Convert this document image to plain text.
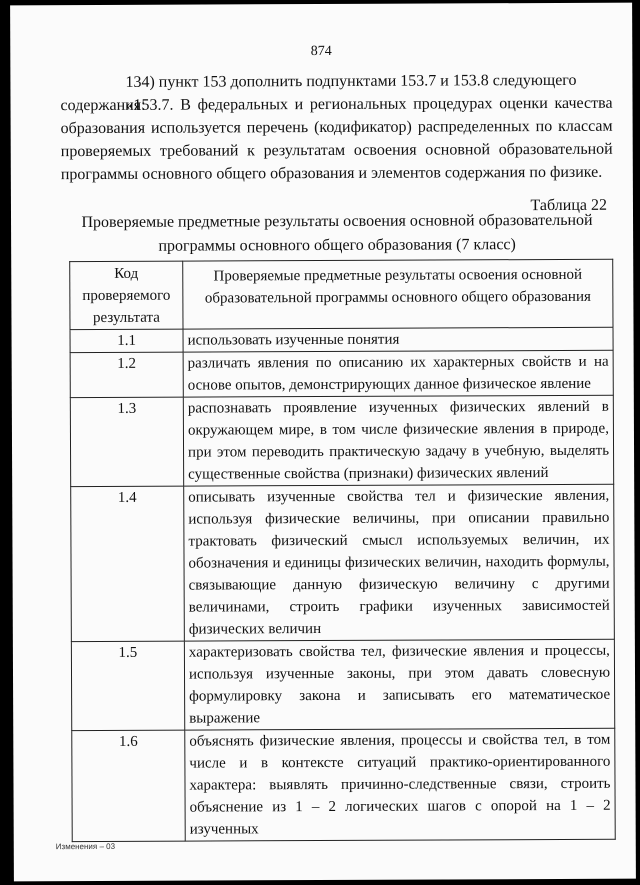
874
134) пункт 153 дополнить подпунктами 153.7 и 153.8 следующего содержания:
«153.7. В федеральных и региональных процедурах оценки качества образования используется перечень (кодификатор) распределенных по классам проверяемых требований к результатам освоения основной образовательной программы основного общего образования и элементов содержания по физике.
Таблица 22
Проверяемые предметные результаты освоения основной образовательной программы основного общего образования (7 класс)
Код проверяемого результата	Проверяемые предметные результаты освоения основной образовательной программы основного общего образования
1.1	использовать изученные понятия
1.2	различать явления по описанию их характерных свойств и на основе опытов, демонстрирующих данное физическое явление
1.3	распознавать проявление изученных физических явлений в окружающем мире, в том числе физические явления в природе, при этом переводить практическую задачу в учебную, выделять существенные свойства (признаки) физических явлений
1.4	описывать изученные свойства тел и физические явления, используя физические величины, при описании правильно трактовать физический смысл используемых величин, их обозначения и единицы физических величин, находить формулы, связывающие данную физическую величину с другими величинами, строить графики изученных зависимостей физических величин
1.5	характеризовать свойства тел, физические явления и процессы, используя изученные законы, при этом давать словесную формулировку закона и записывать его математическое выражение
1.6	объяснять физические явления, процессы и свойства тел, в том числе и в контексте ситуаций практико-ориентированного характера: выявлять причинно-следственные связи, строить объяснение из 1 – 2 логических шагов с опорой на 1 – 2 изученных
Изменения – 03
